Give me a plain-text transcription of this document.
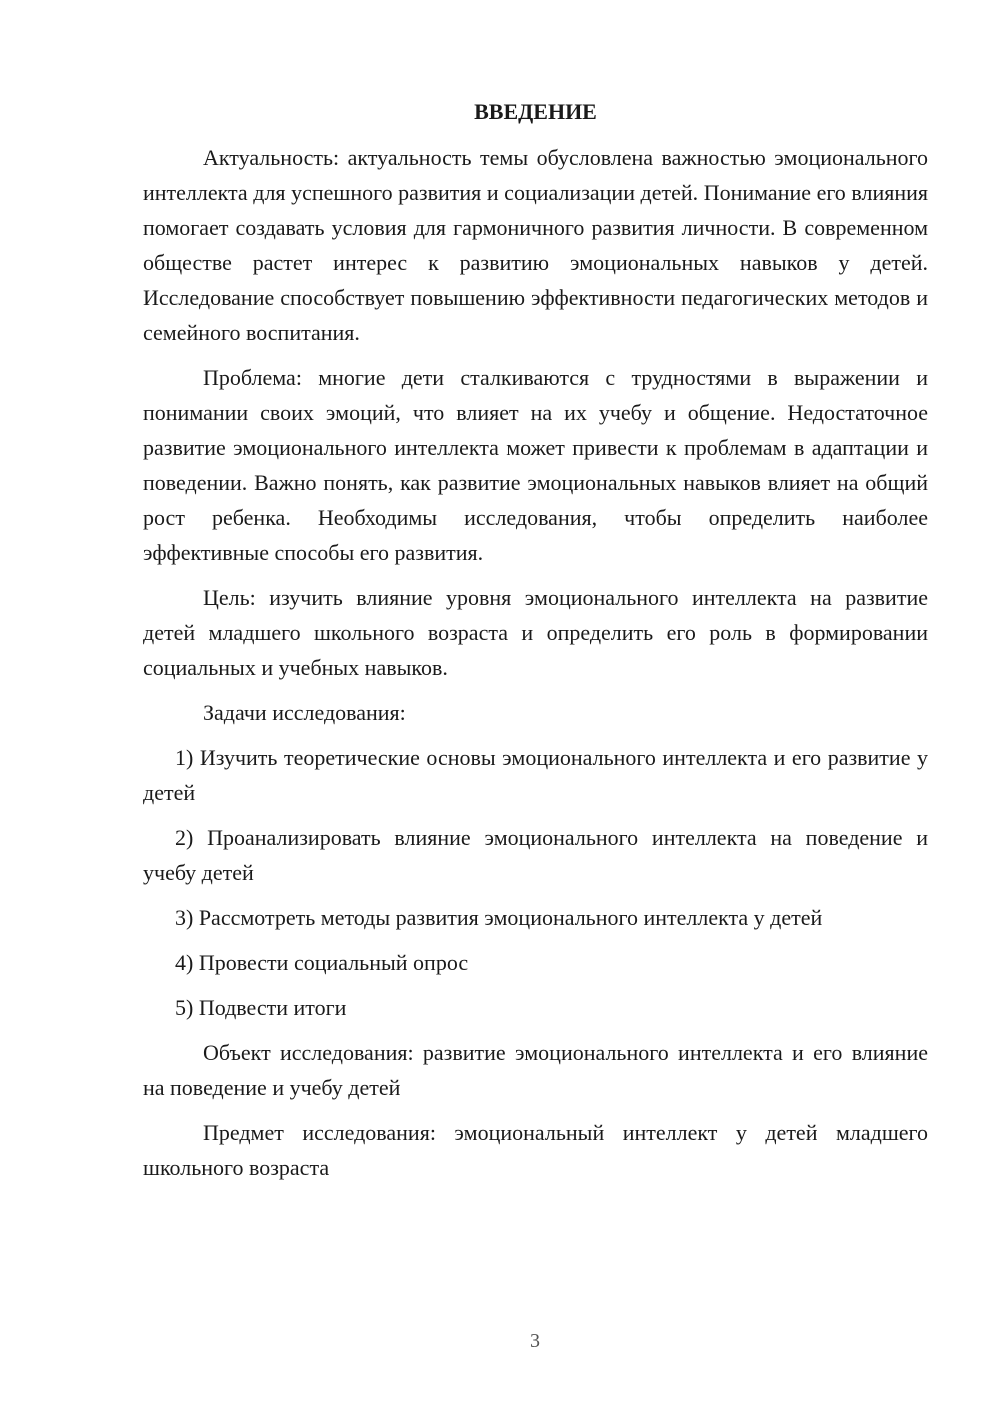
ВВЕДЕНИЕ

Актуальность: актуальность темы обусловлена важностью эмоционального интеллекта для успешного развития и социализации детей. Понимание его влияния помогает создавать условия для гармоничного развития личности. В современном обществе растет интерес к развитию эмоциональных навыков у детей. Исследование способствует повышению эффективности педагогических методов и семейного воспитания.

Проблема: многие дети сталкиваются с трудностями в выражении и понимании своих эмоций, что влияет на их учебу и общение. Недостаточное развитие эмоционального интеллекта может привести к проблемам в адаптации и поведении. Важно понять, как развитие эмоциональных навыков влияет на общий рост ребенка. Необходимы исследования, чтобы определить наиболее эффективные способы его развития.

Цель: изучить влияние уровня эмоционального интеллекта на развитие детей младшего школьного возраста и определить его роль в формировании социальных и учебных навыков.

Задачи исследования:

1) Изучить теоретические основы эмоционального интеллекта и его развитие у детей

2) Проанализировать влияние эмоционального интеллекта на поведение и учебу детей

3) Рассмотреть методы развития эмоционального интеллекта у детей

4) Провести социальный опрос

5) Подвести итоги

Объект исследования: развитие эмоционального интеллекта и его влияние на поведение и учебу детей

Предмет исследования: эмоциональный интеллект у детей младшего школьного возраста

3
